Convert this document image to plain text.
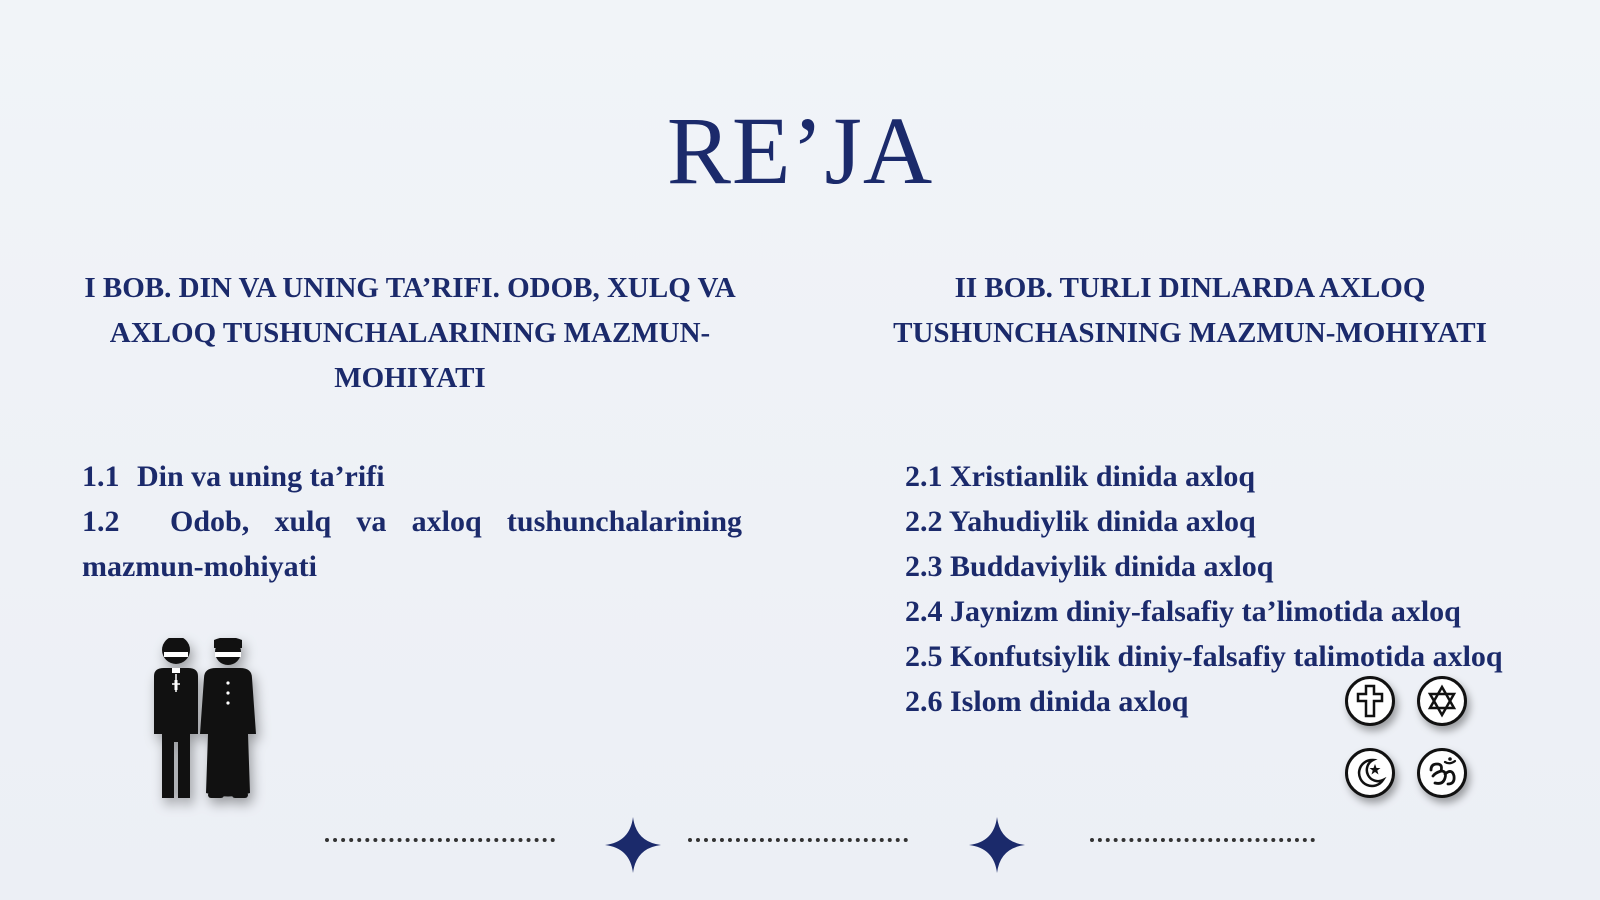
RE’JA
I BOB. DIN VA UNING TA’RIFI. ODOB, XULQ VA AXLOQ TUSHUNCHALARINING MAZMUN-MOHIYATI
II BOB. TURLI DINLARDA AXLOQ TUSHUNCHASINING MAZMUN-MOHIYATI
1.1 Din va uning ta’rifi
1.2 Odob, xulq va axloq tushunchalarining mazmun-mohiyati
2.1 Xristianlik dinida axloq
2.2 Yahudiylik dinida axloq
2.3 Buddaviylik dinida axloq
2.4 Jaynizm diniy-falsafiy ta’limotida axloq
2.5 Konfutsiylik diniy-falsafiy talimotida axloq
2.6 Islom dinida axloq
